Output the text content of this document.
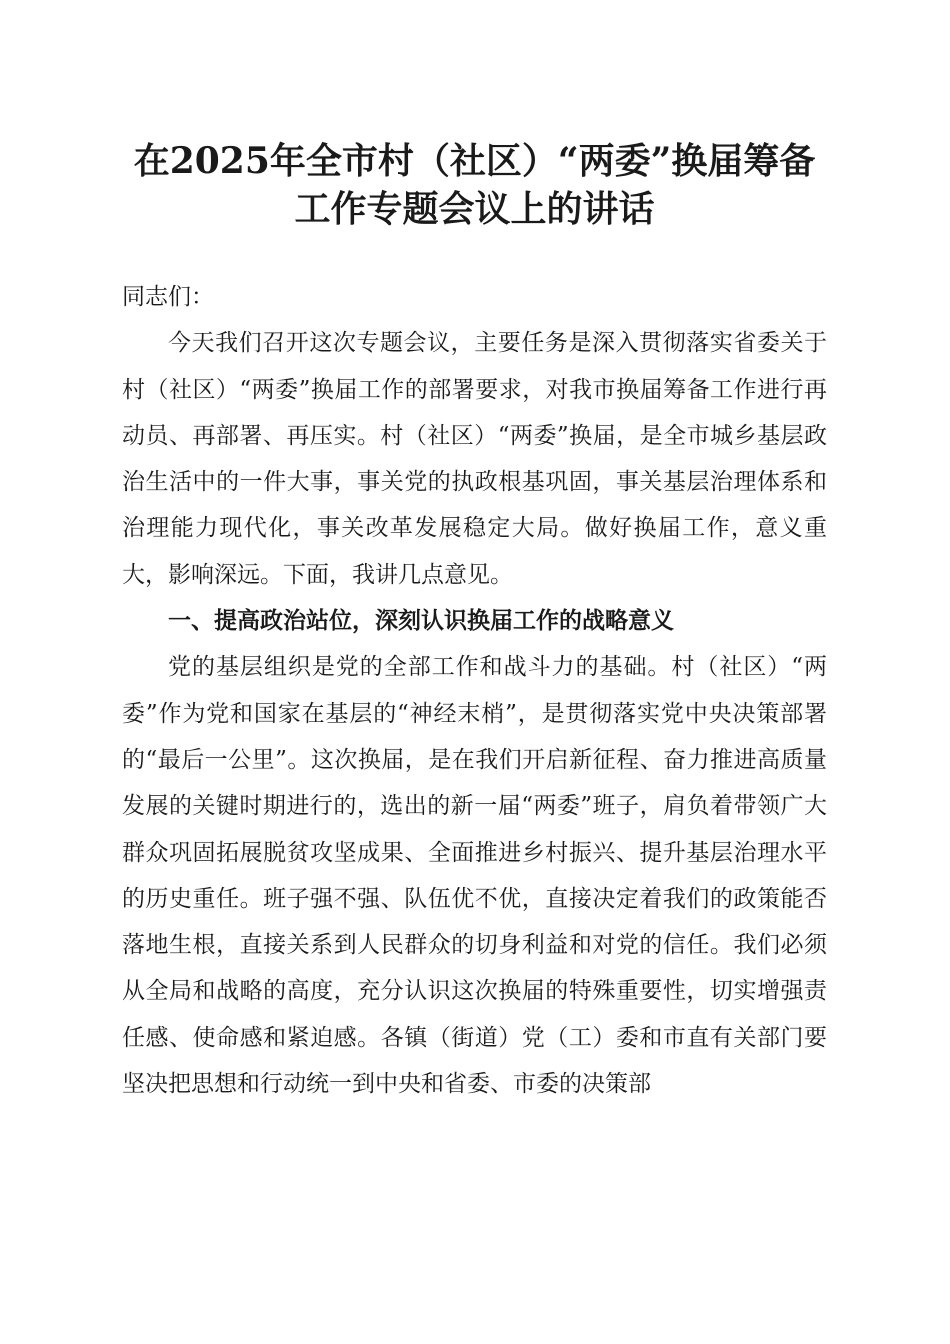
在2025年全市村（社区）“两委”换届筹备
工作专题会议上的讲话

同志们：

今天我们召开这次专题会议，主要任务是深入贯彻落实省委关于村（社区）“两委”换届工作的部署要求，对我市换届筹备工作进行再动员、再部署、再压实。村（社区）“两委”换届，是全市城乡基层政治生活中的一件大事，事关党的执政根基巩固，事关基层治理体系和治理能力现代化，事关改革发展稳定大局。做好换届工作，意义重大，影响深远。下面，我讲几点意见。

一、提高政治站位，深刻认识换届工作的战略意义

党的基层组织是党的全部工作和战斗力的基础。村（社区）“两委”作为党和国家在基层的“神经末梢”，是贯彻落实党中央决策部署的“最后一公里”。这次换届，是在我们开启新征程、奋力推进高质量发展的关键时期进行的，选出的新一届“两委”班子，肩负着带领广大群众巩固拓展脱贫攻坚成果、全面推进乡村振兴、提升基层治理水平的历史重任。班子强不强、队伍优不优，直接决定着我们的政策能否落地生根，直接关系到人民群众的切身利益和对党的信任。我们必须从全局和战略的高度，充分认识这次换届的特殊重要性，切实增强责任感、使命感和紧迫感。各镇（街道）党（工）委和市直有关部门要坚决把思想和行动统一到中央和省委、市委的决策部
